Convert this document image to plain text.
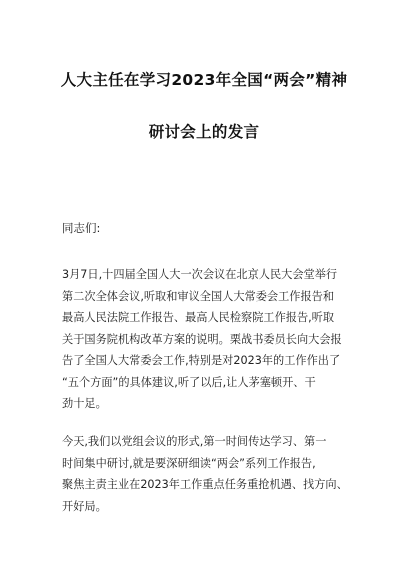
人大主任在学习2023年全国“两会”精神
研讨会上的发言
同志们:
3月7日,十四届全国人大一次会议在北京人民大会堂举行
第二次全体会议,听取和审议全国人大常委会工作报告和
最高人民法院工作报告、最高人民检察院工作报告,听取
关于国务院机构改革方案的说明。栗战书委员长向大会报
告了全国人大常委会工作,特别是对2023年的工作作出了
“五个方面”的具体建议,听了以后,让人茅塞顿开、干
劲十足。
今天,我们以党组会议的形式,第一时间传达学习、第一
时间集中研讨,就是要深研细读“两会”系列工作报告,
聚焦主责主业在2023年工作重点任务重抢机遇、找方向、
开好局。
